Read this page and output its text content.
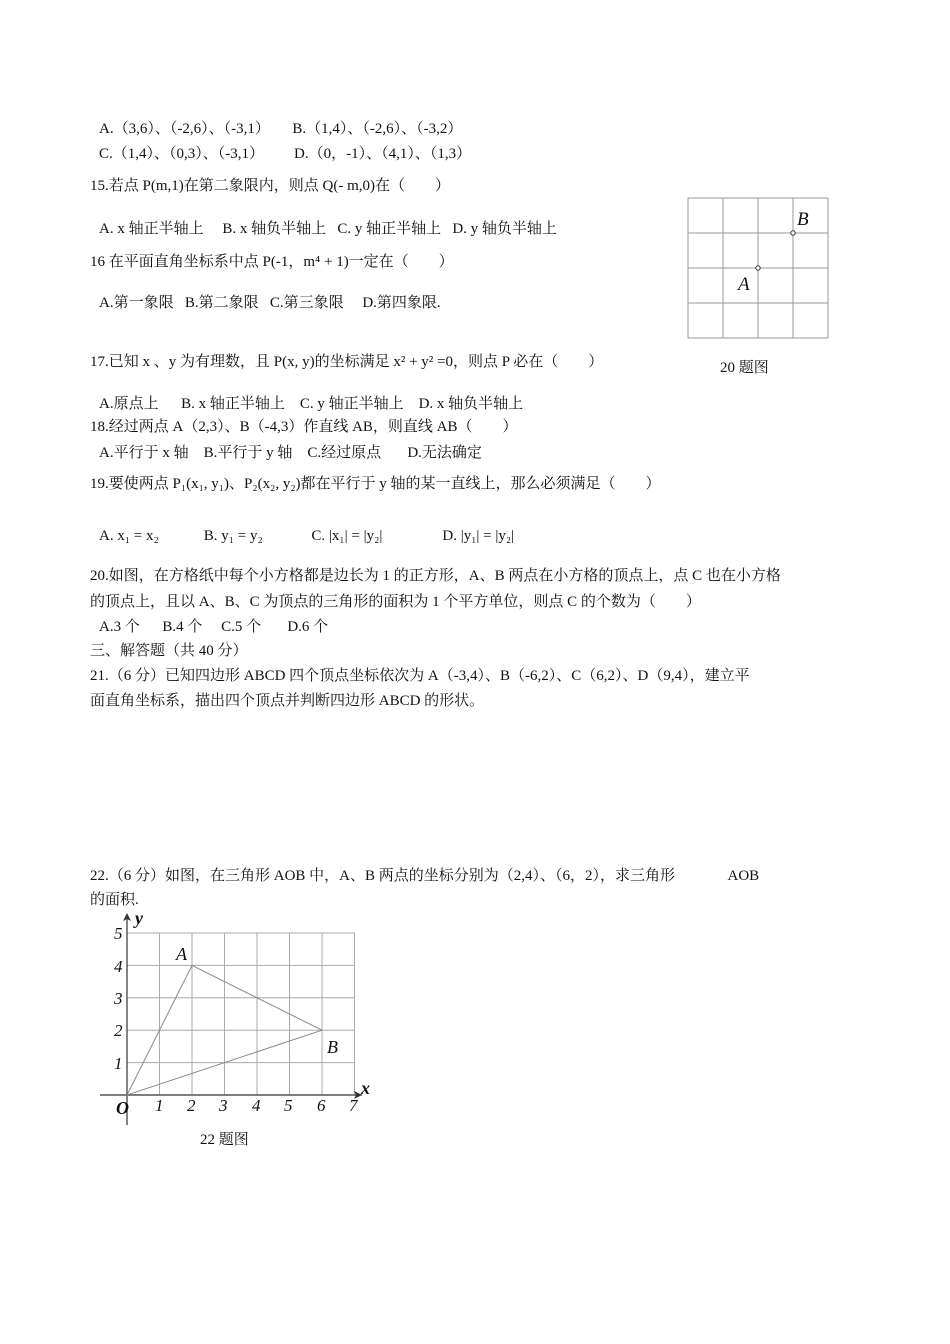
A.（3,6）、（-2,6）、（-3,1）      B.（1,4）、（-2,6）、（-3,2）
C.（1,4）、（0,3）、（-3,1）        D.（0，-1）、（4,1）、（1,3）
15.若点 P(m,1)在第二象限内，则点 Q(- m,0)在（　　）
A. x 轴正半轴上     B. x 轴负半轴上   C. y 轴正半轴上   D. y 轴负半轴上
16 在平面直角坐标系中点 P(-1，m⁴ + 1)一定在（　　）
A.第一象限   B.第二象限   C.第三象限     D.第四象限.
17.已知 x 、y 为有理数，且 P(x, y)的坐标满足 x² + y² =0，则点 P 必在（　　）
A.原点上      B. x 轴正半轴上    C. y 轴正半轴上    D. x 轴负半轴上
18.经过两点 A（2,3）、B（-4,3）作直线 AB，则直线 AB（　　）
A.平行于 x 轴    B.平行于 y 轴    C.经过原点       D.无法确定
19.要使两点 P₁(x₁, y₁)、P₂(x₂, y₂)都在平行于 y 轴的某一直线上，那么必须满足（　　）
A. x₁ = x₂            B. y₁ = y₂             C. |x₁| = |y₂|                D. |y₁| = |y₂|
20.如图，在方格纸中每个小方格都是边长为 1 的正方形，A、B 两点在小方格的顶点上，点 C 也在小方格
的顶点上，且以 A、B、C 为顶点的三角形的面积为 1 个平方单位，则点 C 的个数为（　　）
A.3 个      B.4 个     C.5 个       D.6 个
三、解答题（共 40 分）
21.（6 分）已知四边形 ABCD 四个顶点坐标依次为 A（-3,4）、B（-6,2）、C（6,2）、D（9,4），建立平
面直角坐标系，描出四个顶点并判断四边形 ABCD 的形状。
22.（6 分）如图，在三角形 AOB 中，A、B 两点的坐标分别为（2,4）、（6，2），求三角形              AOB
的面积.
B
A
20 题图
x
y
O
A
B
1 2 3 4 5 6 7
1
2
3
4
5
22 题图
